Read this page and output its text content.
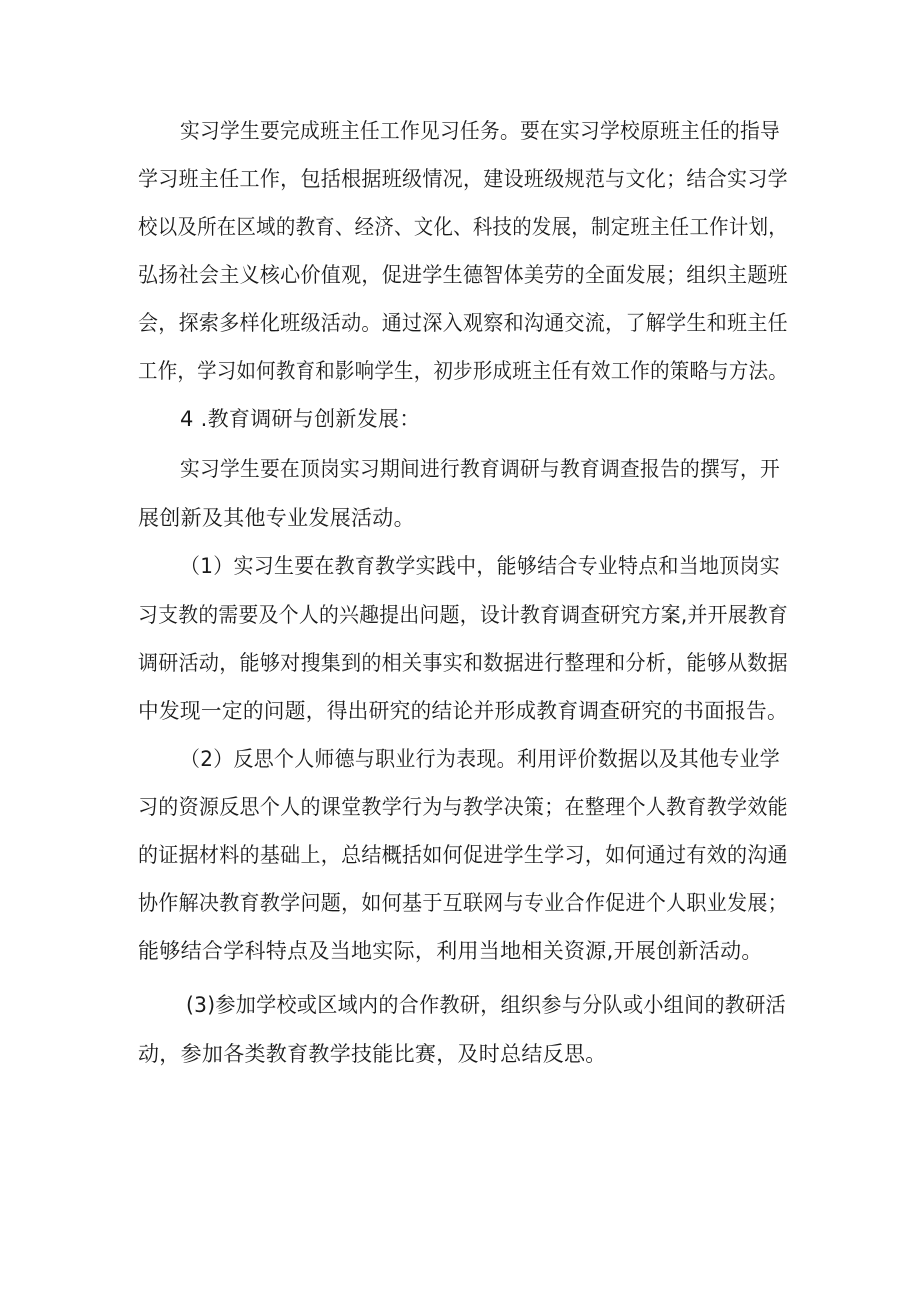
实习学生要完成班主任工作见习任务。要在实习学校原班主任的指导
学习班主任工作，包括根据班级情况，建设班级规范与文化；结合实习学
校以及所在区域的教育、经济、文化、科技的发展，制定班主任工作计划，
弘扬社会主义核心价值观，促进学生德智体美劳的全面发展；组织主题班
会，探索多样化班级活动。通过深入观察和沟通交流，了解学生和班主任
工作，学习如何教育和影响学生，初步形成班主任有效工作的策略与方法。
4 .教育调研与创新发展：
实习学生要在顶岗实习期间进行教育调研与教育调查报告的撰写，开
展创新及其他专业发展活动。
（1）实习生要在教育教学实践中，能够结合专业特点和当地顶岗实
习支教的需要及个人的兴趣提出问题，设计教育调查研究方案,并开展教育
调研活动，能够对搜集到的相关事实和数据进行整理和分析，能够从数据
中发现一定的问题，得出研究的结论并形成教育调查研究的书面报告。
（2）反思个人师德与职业行为表现。利用评价数据以及其他专业学
习的资源反思个人的课堂教学行为与教学决策；在整理个人教育教学效能
的证据材料的基础上，总结概括如何促进学生学习，如何通过有效的沟通
协作解决教育教学问题，如何基于互联网与专业合作促进个人职业发展；
能够结合学科特点及当地实际，利用当地相关资源,开展创新活动。
(3)参加学校或区域内的合作教研，组织参与分队或小组间的教研活
动，参加各类教育教学技能比赛，及时总结反思。
